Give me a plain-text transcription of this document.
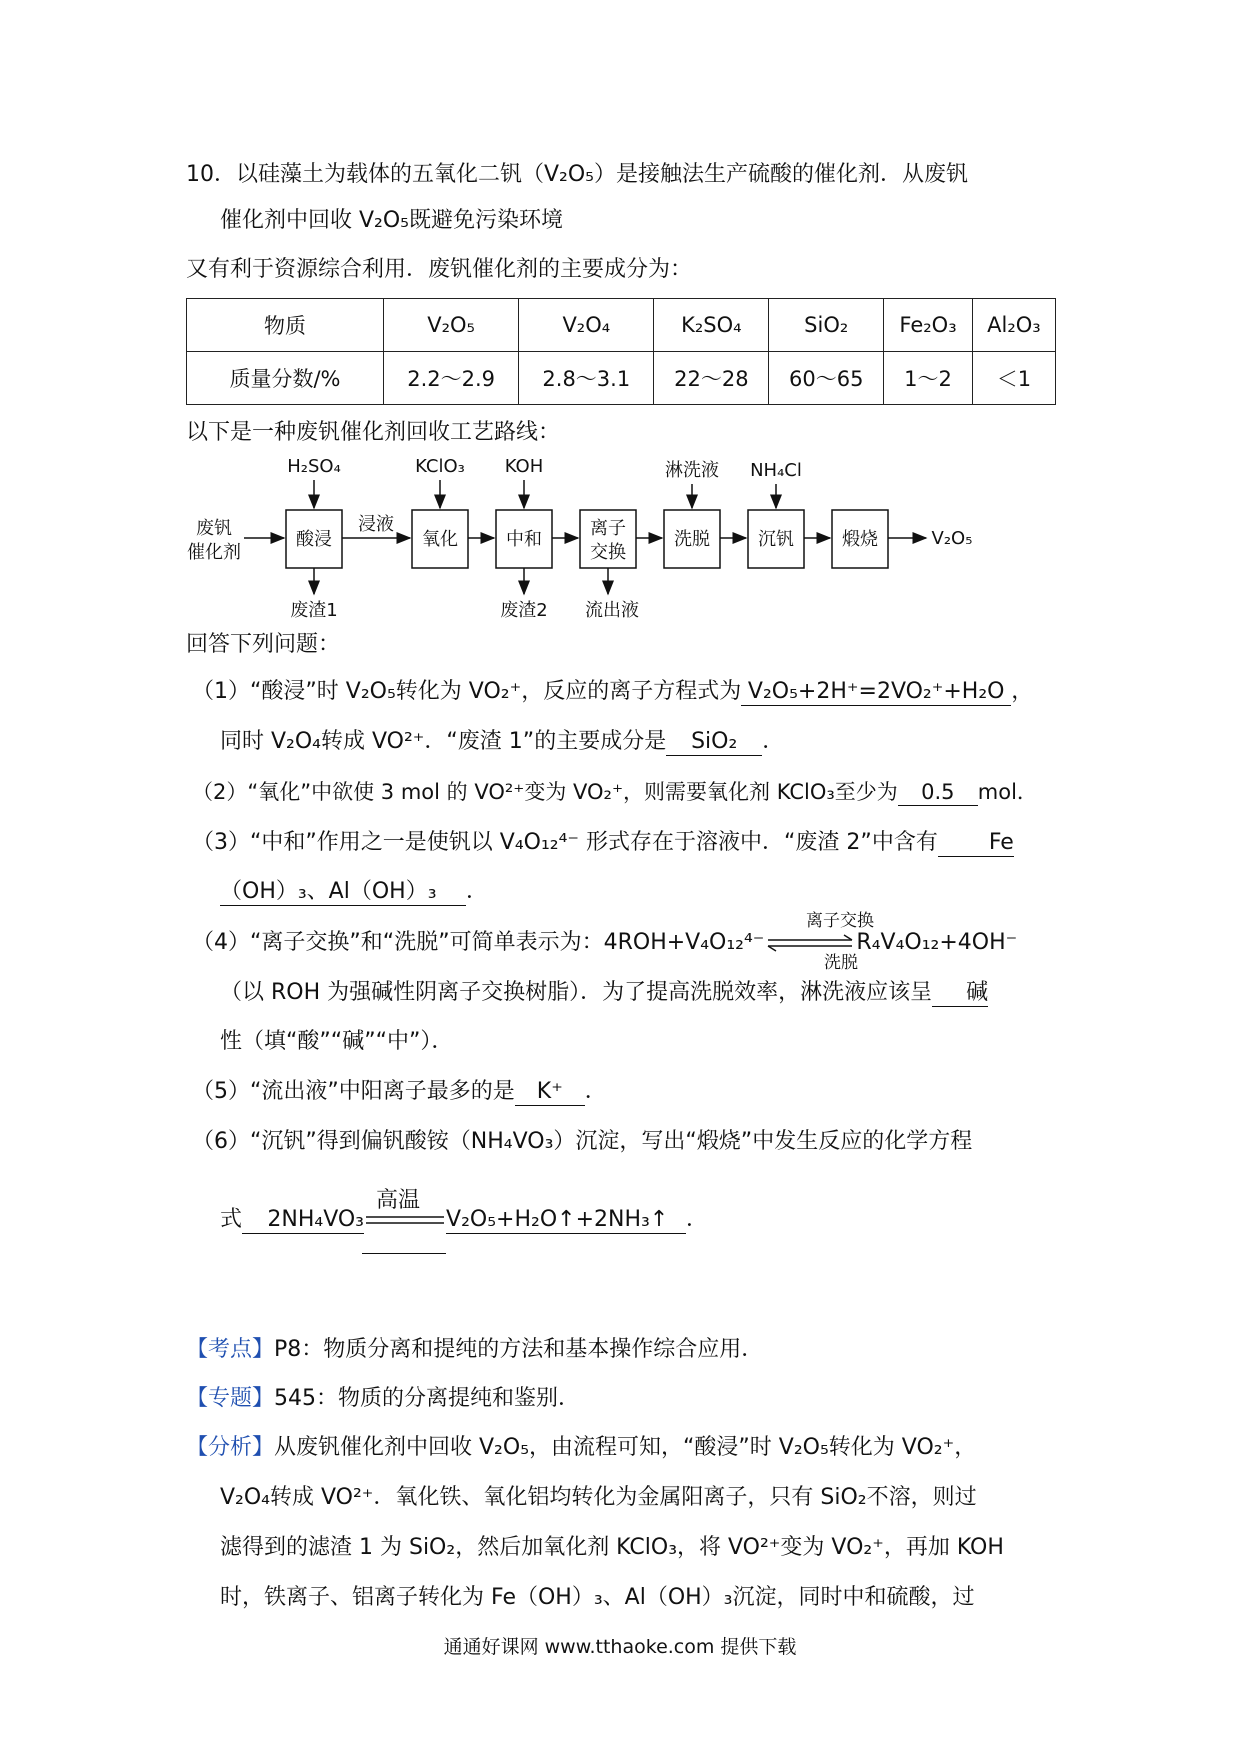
10．以硅藻土为载体的五氧化二钒（V₂O₅）是接触法生产硫酸的催化剂．从废钒
催化剂中回收 V₂O₅既避免污染环境
又有利于资源综合利用．废钒催化剂的主要成分为：
物质	V₂O₅	V₂O₄	K₂SO₄	SiO₂	Fe₂O₃	Al₂O₃
质量分数/%	2.2～2.9	2.8～3.1	22～28	60～65	1～2	＜1
以下是一种废钒催化剂回收工艺路线：
废钒
催化剂
酸浸	氧化	中和
离子
交换
洗脱	沉钒	煅烧
浸液
H₂SO₄	KClO₃ KOH	淋洗液 NH₄Cl
废渣1	废渣2 流出液
V₂O₅
回答下列问题：
（1）“酸浸”时 V₂O₅转化为 VO₂⁺，反应的离子方程式为 V₂O₅+2H⁺=2VO₂⁺+H₂O ，
同时 V₂O₄转成 VO²⁺．“废渣 1”的主要成分是 SiO₂ ．
（2）“氧化”中欲使 3 mol 的 VO²⁺变为 VO₂⁺，则需要氧化剂 KClO₃至少为 0.5 mol．
（3）“中和”作用之一是使钒以 V₄O₁₂⁴⁻ 形式存在于溶液中．“废渣 2”中含有 Fe
（OH）₃、Al（OH）₃ ．
（4）“离子交换”和“洗脱”可简单表示为：4ROH+V₄O₁₂⁴⁻	R₄V₄O₁₂+4OH⁻
离子交换
洗脱
（以 ROH 为强碱性阴离子交换树脂）．为了提高洗脱效率，淋洗液应该呈 碱
性（填“酸”“碱”“中”）．
（5）“流出液”中阳离子最多的是 K⁺ ．
（6）“沉钒”得到偏钒酸铵（NH₄VO₃）沉淀，写出“煅烧”中发生反应的化学方程
式 2NH₄VO₃	V₂O₅+H₂O↑+2NH₃↑ ．
高温
【考点】P8：物质分离和提纯的方法和基本操作综合应用．
【专题】545：物质的分离提纯和鉴别．
【分析】从废钒催化剂中回收 V₂O₅，由流程可知，“酸浸”时 V₂O₅转化为 VO₂⁺，
V₂O₄转成 VO²⁺．氧化铁、氧化铝均转化为金属阳离子，只有 SiO₂不溶，则过
滤得到的滤渣 1 为 SiO₂，然后加氧化剂 KClO₃，将 VO²⁺变为 VO₂⁺，再加 KOH
时，铁离子、铝离子转化为 Fe（OH）₃、Al（OH）₃沉淀，同时中和硫酸，过
通通好课网 www.tthaoke.com 提供下载
